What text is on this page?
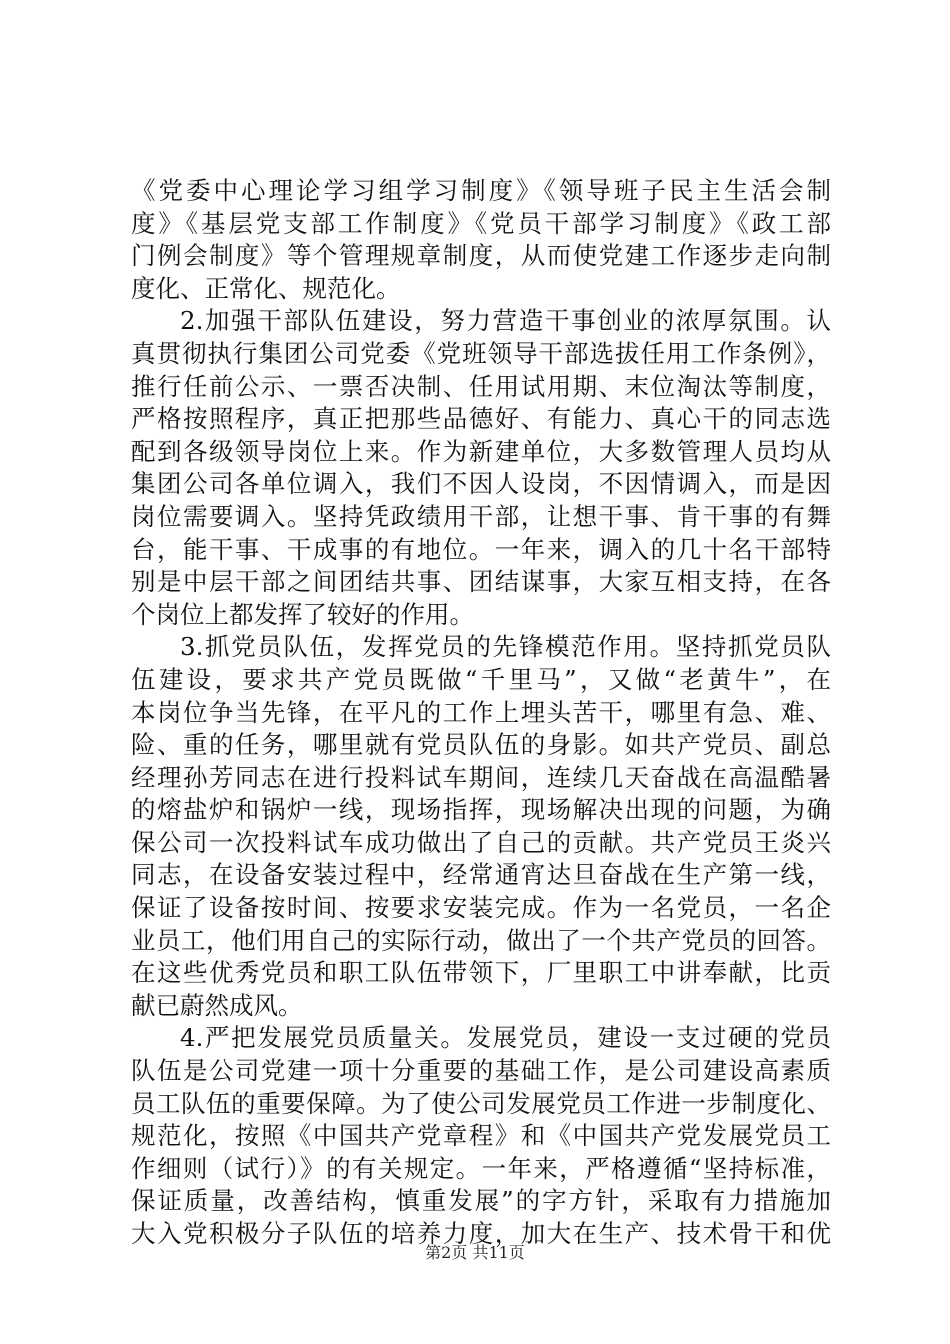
《党委中心理论学习组学习制度》《领导班子民主生活会制
度》《基层党支部工作制度》《党员干部学习制度》《政工部
门例会制度》等个管理规章制度，从而使党建工作逐步走向制
度化、正常化、规范化。
2.加强干部队伍建设，努力营造干事创业的浓厚氛围。认
真贯彻执行集团公司党委《党班领导干部选拔任用工作条例》，
推行任前公示、一票否决制、任用试用期、末位淘汰等制度，
严格按照程序，真正把那些品德好、有能力、真心干的同志选
配到各级领导岗位上来。作为新建单位，大多数管理人员均从
集团公司各单位调入，我们不因人设岗，不因情调入，而是因
岗位需要调入。坚持凭政绩用干部，让想干事、肯干事的有舞
台，能干事、干成事的有地位。一年来，调入的几十名干部特
别是中层干部之间团结共事、团结谋事，大家互相支持，在各
个岗位上都发挥了较好的作用。
3.抓党员队伍，发挥党员的先锋模范作用。坚持抓党员队
伍建设，要求共产党员既做“千里马”，又做“老黄牛”，在
本岗位争当先锋，在平凡的工作上埋头苦干，哪里有急、难、
险、重的任务，哪里就有党员队伍的身影。如共产党员、副总
经理孙芳同志在进行投料试车期间，连续几天奋战在高温酷暑
的熔盐炉和锅炉一线，现场指挥，现场解决出现的问题，为确
保公司一次投料试车成功做出了自己的贡献。共产党员王炎兴
同志，在设备安装过程中，经常通宵达旦奋战在生产第一线，
保证了设备按时间、按要求安装完成。作为一名党员，一名企
业员工，他们用自己的实际行动，做出了一个共产党员的回答。
在这些优秀党员和职工队伍带领下，厂里职工中讲奉献，比贡
献已蔚然成风。
4.严把发展党员质量关。发展党员，建设一支过硬的党员
队伍是公司党建一项十分重要的基础工作，是公司建设高素质
员工队伍的重要保障。为了使公司发展党员工作进一步制度化、
规范化，按照《中国共产党章程》和《中国共产党发展党员工
作细则（试行）》的有关规定。一年来，严格遵循“坚持标准，
保证质量，改善结构，慎重发展”的字方针，采取有力措施加
大入党积极分子队伍的培养力度，加大在生产、技术骨干和优
第2页 共11页
